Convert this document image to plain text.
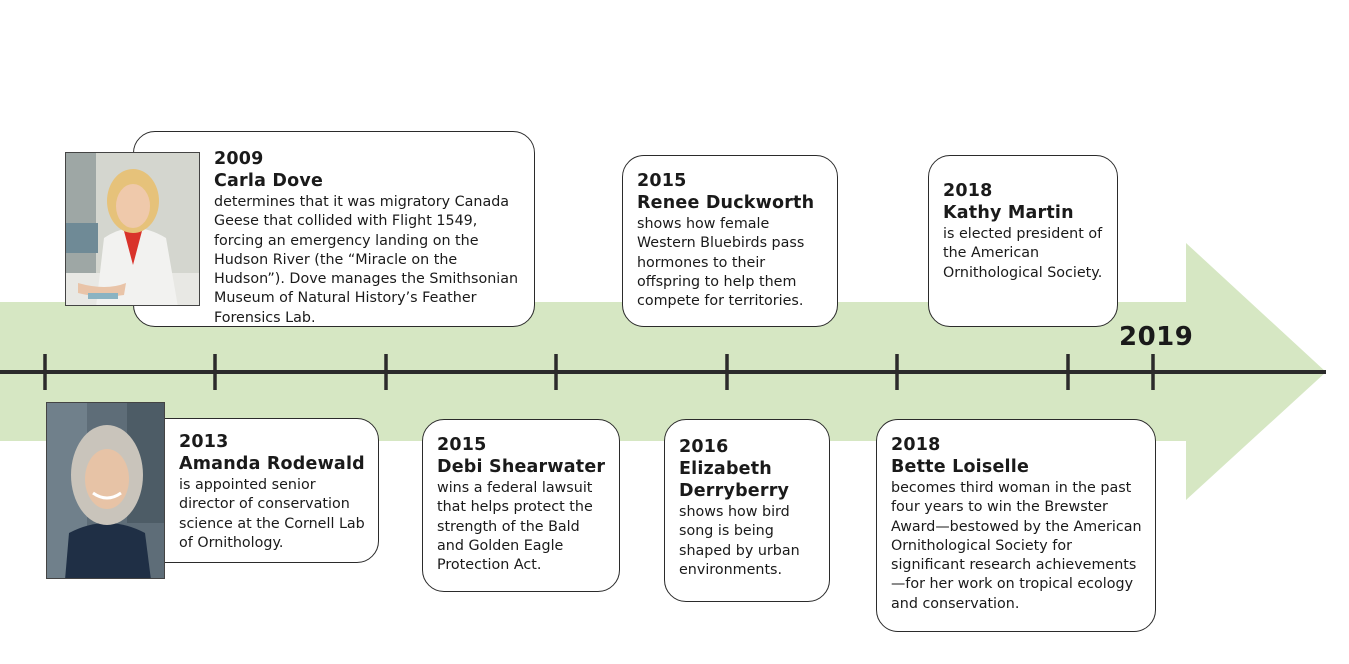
2019
2009
Carla Dove
determines that it was migratory Canada Geese that collided with Flight 1549, forcing an emergency landing on the Hudson River (the “Miracle on the Hudson”). Dove manages the Smithsonian Museum of Natural History’s Feather Forensics Lab.
2013
Amanda Rodewald
is appointed senior director of conservation science at the Cornell Lab of Ornithology.
2015
Debi Shearwater
wins a federal lawsuit that helps protect the strength of the Bald and Golden Eagle Protection Act.
2015
Renee Duckworth
shows how female Western Bluebirds pass hormones to their offspring to help them compete for territories.
2016
Elizabeth Derryberry
shows how bird song is being shaped by urban environments.
2018
Kathy Martin
is elected president of the American Ornithological Society.
2018
Bette Loiselle
becomes third woman in the past four years to win the Brewster Award—bestowed by the American Ornithological Society for significant research achievements—for her work on tropical ecology and conservation.
